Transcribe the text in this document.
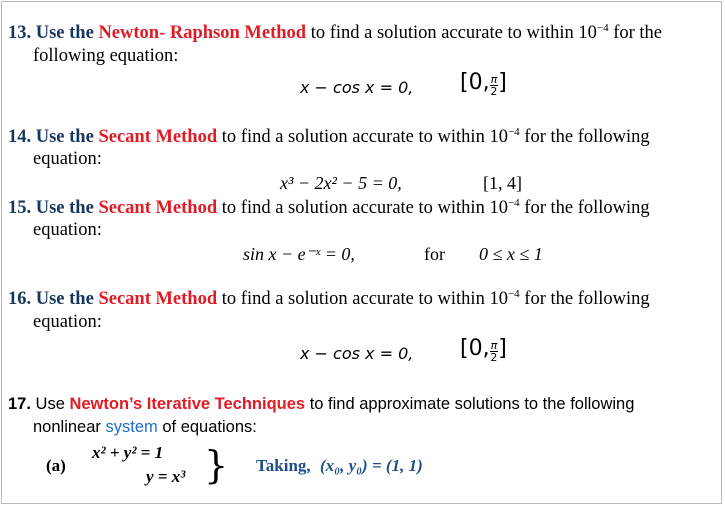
13. Use the Newton- Raphson Method to find a solution accurate to within $10^{-4}$ for the
following equation:
x − cos x = 0, [0, $\frac{\pi}{2}$ ]
14. Use the Secant Method to find a solution accurate to within $10^{-4}$ for the following
equation:
x³ − 2x² − 5 = 0,	[1, 4]
15. Use the Secant Method to find a solution accurate to within $10^{-4}$ for the following
equation:
sin x − e⁻ˣ = 0,	for 0 ≤ x ≤ 1
16. Use the Secant Method to find a solution accurate to within $10^{-4}$ for the following
equation:
x − cos x = 0, [0, $\frac{\pi}{2}$ ]
17. Use Newton’s Iterative Techniques to find approximate solutions to the following
nonlinear system of equations:
(a)
x² + y² = 1
y = x³ } Taking, (x₀, y₀) = (1, 1)
